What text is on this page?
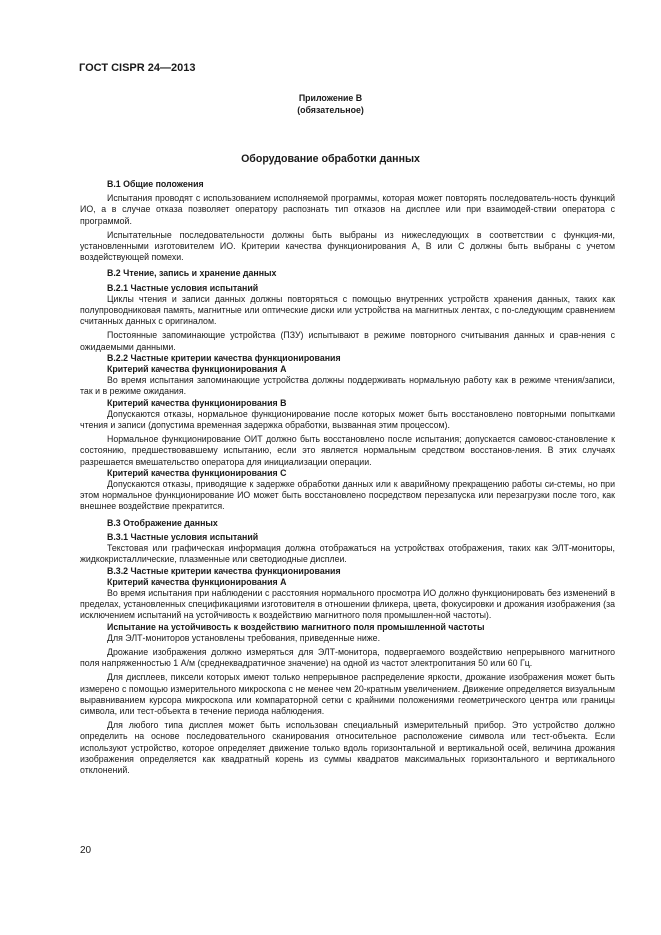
ГОСТ CISPR 24—2013
Приложение В
(обязательное)
Оборудование обработки данных

В.1 Общие положения

Испытания проводят с использованием исполняемой программы, которая может повторять последователь-ность функций ИО, а в случае отказа позволяет оператору распознать тип отказов на дисплее или при взаимодей-ствии оператора с программой.

Испытательные последовательности должны быть выбраны из нижеследующих в соответствии с функция-ми, установленными изготовителем ИО. Критерии качества функционирования А, В или С должны быть выбраны с учетом воздействующей помехи.

В.2 Чтение, запись и хранение данных

В.2.1 Частные условия испытаний

Циклы чтения и записи данных должны повторяться с помощью внутренних устройств хранения данных, таких как полупроводниковая память, магнитные или оптические диски или устройства на магнитных лентах, с по-следующим сравнением считанных данных с оригиналом.

Постоянные запоминающие устройства (ПЗУ) испытывают в режиме повторного считывания данных и срав-нения с ожидаемыми данными.

В.2.2 Частные критерии качества функционирования

Критерий качества функционирования А

Во время испытания запоминающие устройства должны поддерживать нормальную работу как в режиме чтения/записи, так и в режиме ожидания.

Критерий качества функционирования В

Допускаются отказы, нормальное функционирование после которых может быть восстановлено повторными попытками чтения и записи (допустима временная задержка обработки, вызванная этим процессом).

Нормальное функционирование ОИТ должно быть восстановлено после испытания; допускается самовос-становление к состоянию, предшествовавшему испытанию, если это является нормальным средством восстанов-ления. В этих случаях разрешается вмешательство оператора для инициализации операции.

Критерий качества функционирования С

Допускаются отказы, приводящие к задержке обработки данных или к аварийному прекращению работы си-стемы, но при этом нормальное функционирование ИО может быть восстановлено посредством перезапуска или перезагрузки после того, как внешнее воздействие прекратится.

В.3 Отображение данных

В.3.1 Частные условия испытаний

Текстовая или графическая информация должна отображаться на устройствах отображения, таких как ЭЛТ-мониторы, жидкокристаллические, плазменные или светодиодные дисплеи.

В.3.2 Частные критерии качества функционирования

Критерий качества функционирования А

Во время испытания при наблюдении с расстояния нормального просмотра ИО должно функционировать без изменений в пределах, установленных спецификациями изготовителя в отношении фликера, цвета, фокусировки и дрожания изображения (за исключением испытаний на устойчивость к воздействию магнитного поля промышлен-ной частоты).

Испытание на устойчивость к воздействию магнитного поля промышленной частоты

Для ЭЛТ-мониторов установлены требования, приведенные ниже.

Дрожание изображения должно измеряться для ЭЛТ-монитора, подвергаемого воздействию непрерывного магнитного поля напряженностью 1 А/м (среднеквадратичное значение) на одной из частот электропитания 50 или 60 Гц.

Для дисплеев, пиксели которых имеют только непрерывное распределение яркости, дрожание изображения может быть измерено с помощью измерительного микроскопа с не менее чем 20-кратным увеличением. Движение определяется визуальным выравниванием курсора микроскопа или компараторной сетки с крайними положениями геометрического центра или границы символа, или тест-объекта в течение периода наблюдения.

Для любого типа дисплея может быть использован специальный измерительный прибор. Это устройство должно определить на основе последовательного сканирования относительное расположение символа или тест-объекта. Если используют устройство, которое определяет движение только вдоль горизонтальной и вертикальной осей, величина дрожания изображения определяется как квадратный корень из суммы квадратов максимальных горизонтального и вертикального отклонений.

20
